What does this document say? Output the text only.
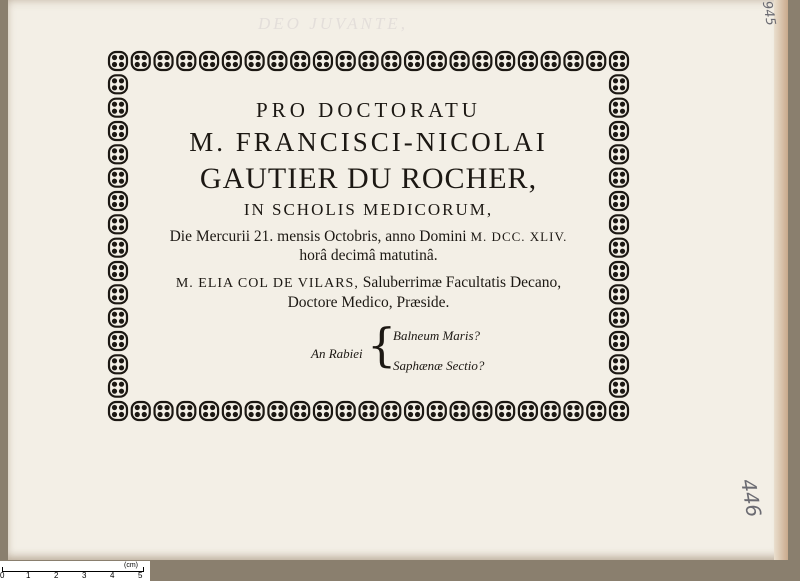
DEO JUVANTE,	945
446
PRO DOCTORATU
M. FRANCISCI-NICOLAI
GAUTIER DU ROCHER,
IN SCHOLIS MEDICORUM,
Die Mercurii 21. mensis Octobris, anno Domini M. DCC. XLIV.
horâ decimâ matutinâ.
M. ELIA COL DE VILARS, Saluberrimæ Facultatis Decano,
Doctore Medico, Præside.
An Rabiei {
Balneum Maris?
Saphænæ Sectio?
0	1	2	3	4	5
(cm)
